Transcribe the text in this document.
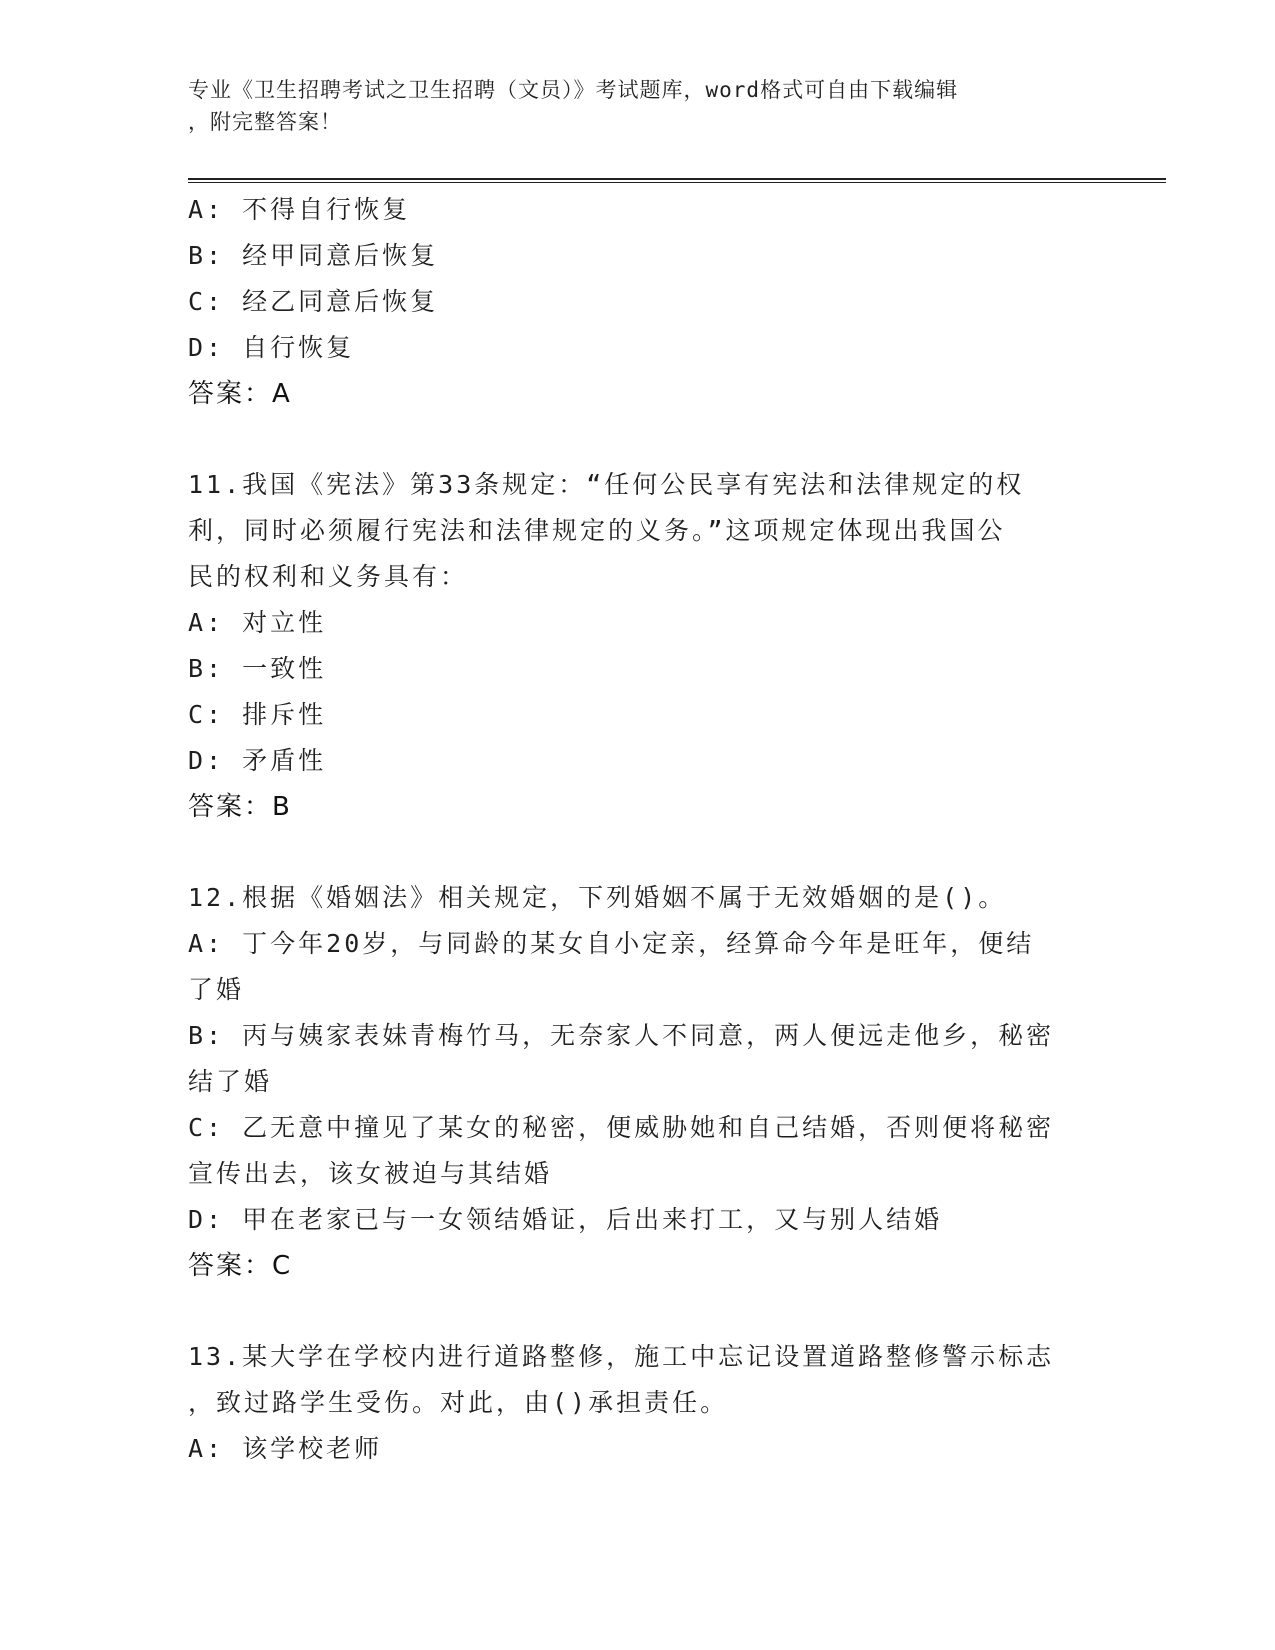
专业《卫生招聘考试之卫生招聘（文员）》考试题库，word格式可自由下载编辑
，附完整答案！
A: 不得自行恢复
B: 经甲同意后恢复
C: 经乙同意后恢复
D: 自行恢复
答案：A
11.我国《宪法》第33条规定：“任何公民享有宪法和法律规定的权
利，同时必须履行宪法和法律规定的义务。”这项规定体现出我国公
民的权利和义务具有：
A: 对立性
B: 一致性
C: 排斥性
D: 矛盾性
答案：B
12.根据《婚姻法》相关规定，下列婚姻不属于无效婚姻的是()。
A: 丁今年20岁，与同龄的某女自小定亲，经算命今年是旺年，便结
了婚
B: 丙与姨家表妹青梅竹马，无奈家人不同意，两人便远走他乡，秘密
结了婚
C: 乙无意中撞见了某女的秘密，便威胁她和自己结婚，否则便将秘密
宣传出去，该女被迫与其结婚
D: 甲在老家已与一女领结婚证，后出来打工，又与别人结婚
答案：C
13.某大学在学校内进行道路整修，施工中忘记设置道路整修警示标志
，致过路学生受伤。对此，由()承担责任。
A: 该学校老师
